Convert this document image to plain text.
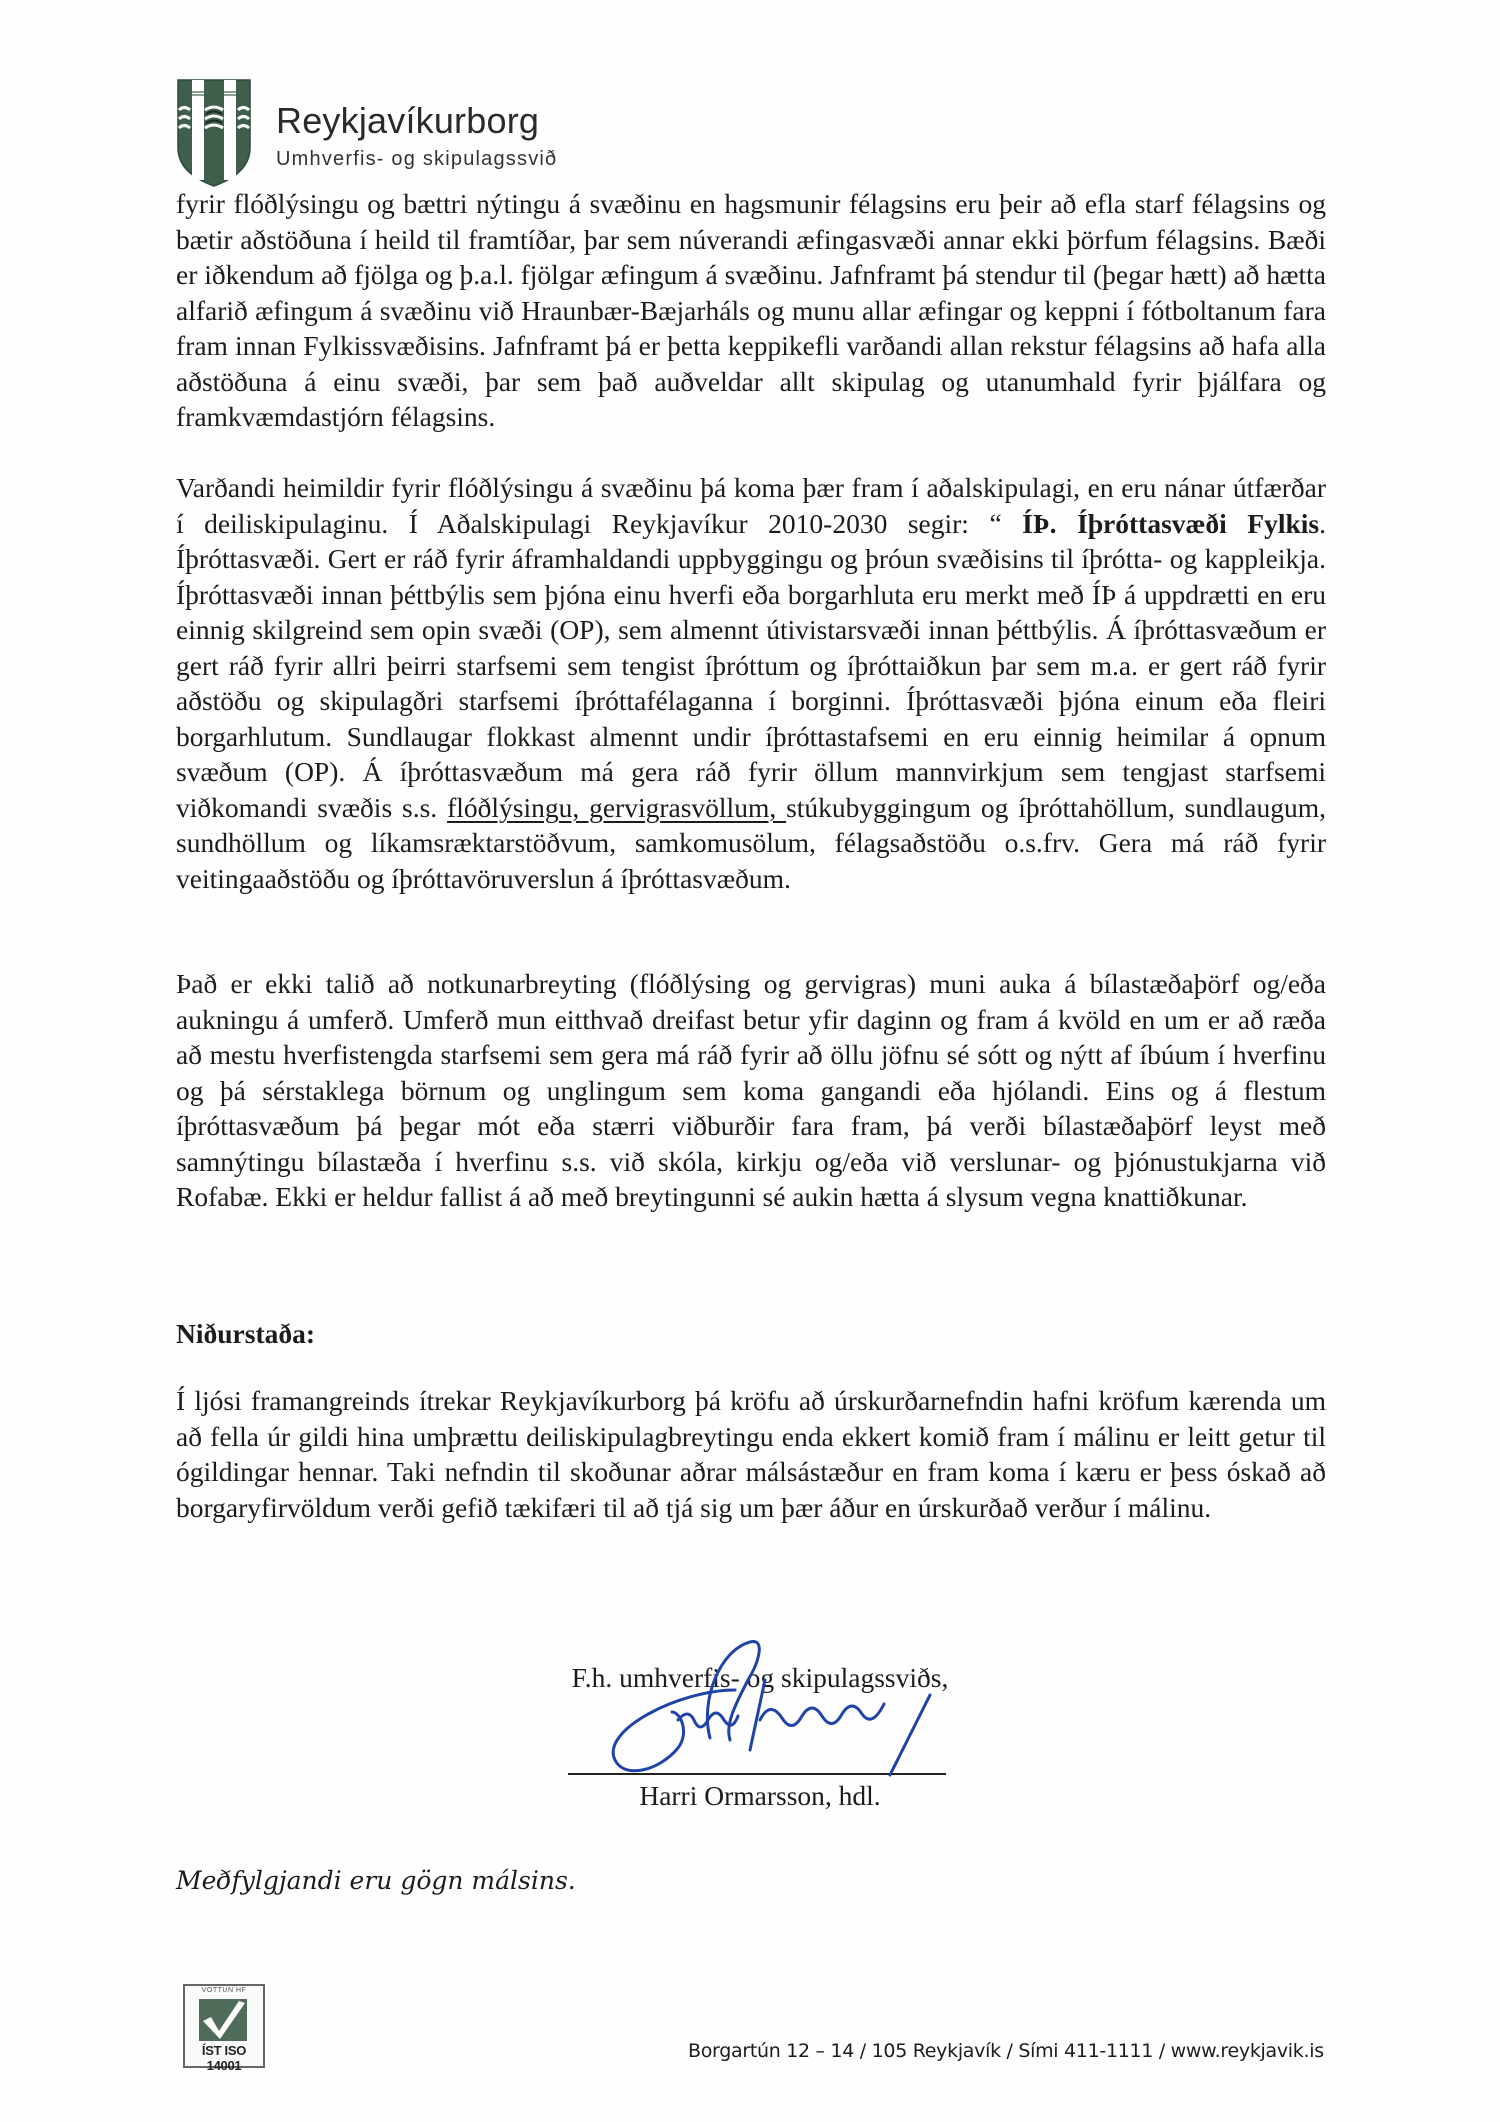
Reykjavíkurborg
Umhverfis- og skipulagssvið

fyrir flóðlýsingu og bættri nýtingu á svæðinu en hagsmunir félagsins eru þeir að efla starf félagsins og bætir aðstöðuna í heild til framtíðar, þar sem núverandi æfingasvæði annar ekki þörfum félagsins. Bæði er iðkendum að fjölga og þ.a.l. fjölgar æfingum á svæðinu. Jafnframt þá stendur til (þegar hætt) að hætta alfarið æfingum á svæðinu við Hraunbær-Bæjarháls og munu allar æfingar og keppni í fótboltanum fara fram innan Fylkissvæðisins. Jafnframt þá er þetta keppikefli varðandi allan rekstur félagsins að hafa alla aðstöðuna á einu svæði, þar sem það auðveldar allt skipulag og utanumhald fyrir þjálfara og framkvæmdastjórn félagsins.

Varðandi heimildir fyrir flóðlýsingu á svæðinu þá koma þær fram í aðalskipulagi, en eru nánar útfærðar í deiliskipulaginu. Í Aðalskipulagi Reykjavíkur 2010-2030 segir: “ ÍÞ. Íþróttasvæði Fylkis. Íþróttasvæði. Gert er ráð fyrir áframhaldandi uppbyggingu og þróun svæðisins til íþrótta- og kappleikja. Íþróttasvæði innan þéttbýlis sem þjóna einu hverfi eða borgarhluta eru merkt með ÍÞ á uppdrætti en eru einnig skilgreind sem opin svæði (OP), sem almennt útivistarsvæði innan þéttbýlis. Á íþróttasvæðum er gert ráð fyrir allri þeirri starfsemi sem tengist íþróttum og íþróttaiðkun þar sem m.a. er gert ráð fyrir aðstöðu og skipulagðri starfsemi íþróttafélaganna í borginni. Íþróttasvæði þjóna einum eða fleiri borgarhlutum. Sundlaugar flokkast almennt undir íþróttastafsemi en eru einnig heimilar á opnum svæðum (OP). Á íþróttasvæðum má gera ráð fyrir öllum mannvirkjum sem tengjast starfsemi viðkomandi svæðis s.s. flóðlýsingu, gervigrasvöllum, stúkubyggingum og íþróttahöllum, sundlaugum, sundhöllum og líkamsræktarstöðvum, samkomusölum, félagsaðstöðu o.s.frv. Gera má ráð fyrir veitingaaðstöðu og íþróttavöruverslun á íþróttasvæðum.

Það er ekki talið að notkunarbreyting (flóðlýsing og gervigras) muni auka á bílastæðaþörf og/eða aukningu á umferð. Umferð mun eitthvað dreifast betur yfir daginn og fram á kvöld en um er að ræða að mestu hverfistengda starfsemi sem gera má ráð fyrir að öllu jöfnu sé sótt og nýtt af íbúum í hverfinu og þá sérstaklega börnum og unglingum sem koma gangandi eða hjólandi. Eins og á flestum íþróttasvæðum þá þegar mót eða stærri viðburðir fara fram, þá verði bílastæðaþörf leyst með samnýtingu bílastæða í hverfinu s.s. við skóla, kirkju og/eða við verslunar- og þjónustukjarna við Rofabæ. Ekki er heldur fallist á að með breytingunni sé aukin hætta á slysum vegna knattiðkunar.

Niðurstaða:

Í ljósi framangreinds ítrekar Reykjavíkurborg þá kröfu að úrskurðarnefndin hafni kröfum kærenda um að fella úr gildi hina umþrættu deiliskipulagbreytingu enda ekkert komið fram í málinu er leitt getur til ógildingar hennar. Taki nefndin til skoðunar aðrar málsástæður en fram koma í kæru er þess óskað að borgaryfirvöldum verði gefið tækifæri til að tjá sig um þær áður en úrskurðað verður í málinu.

F.h. umhverfis- og skipulagssviðs,
Harri Ormarsson, hdl.
Meðfylgjandi eru gögn málsins.
VOTTUN HF
ÍST ISO 14001
Borgartún 12 – 14 / 105 Reykjavík / Sími 411-1111 / www.reykjavik.is
